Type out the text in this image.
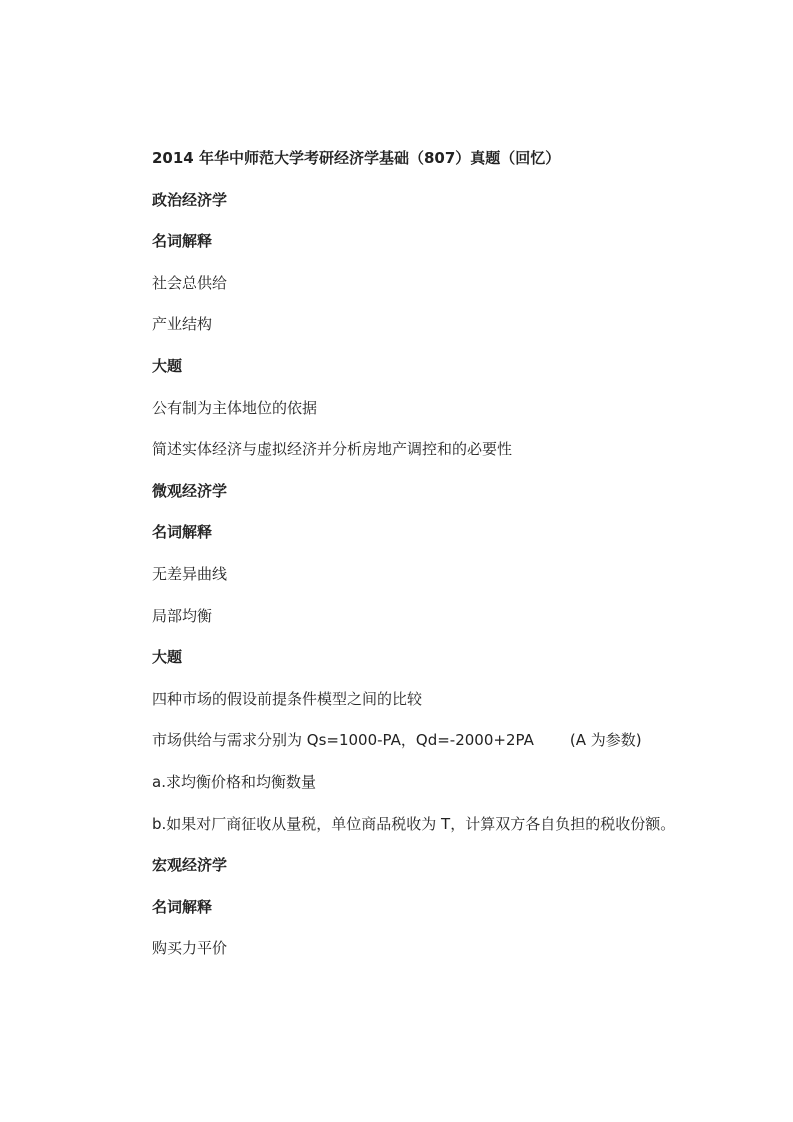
2014 年华中师范大学考研经济学基础（807）真题（回忆）

政治经济学

名词解释

社会总供给

产业结构

大题

公有制为主体地位的依据

简述实体经济与虚拟经济并分析房地产调控和的必要性

微观经济学

名词解释

无差异曲线

局部均衡

大题

四种市场的假设前提条件模型之间的比较

市场供给与需求分别为 Qs=1000-PA，Qd=-2000+2PA (A 为参数)

a.求均衡价格和均衡数量

b.如果对厂商征收从量税，单位商品税收为 T，计算双方各自负担的税收份额。

宏观经济学

名词解释

购买力平价
